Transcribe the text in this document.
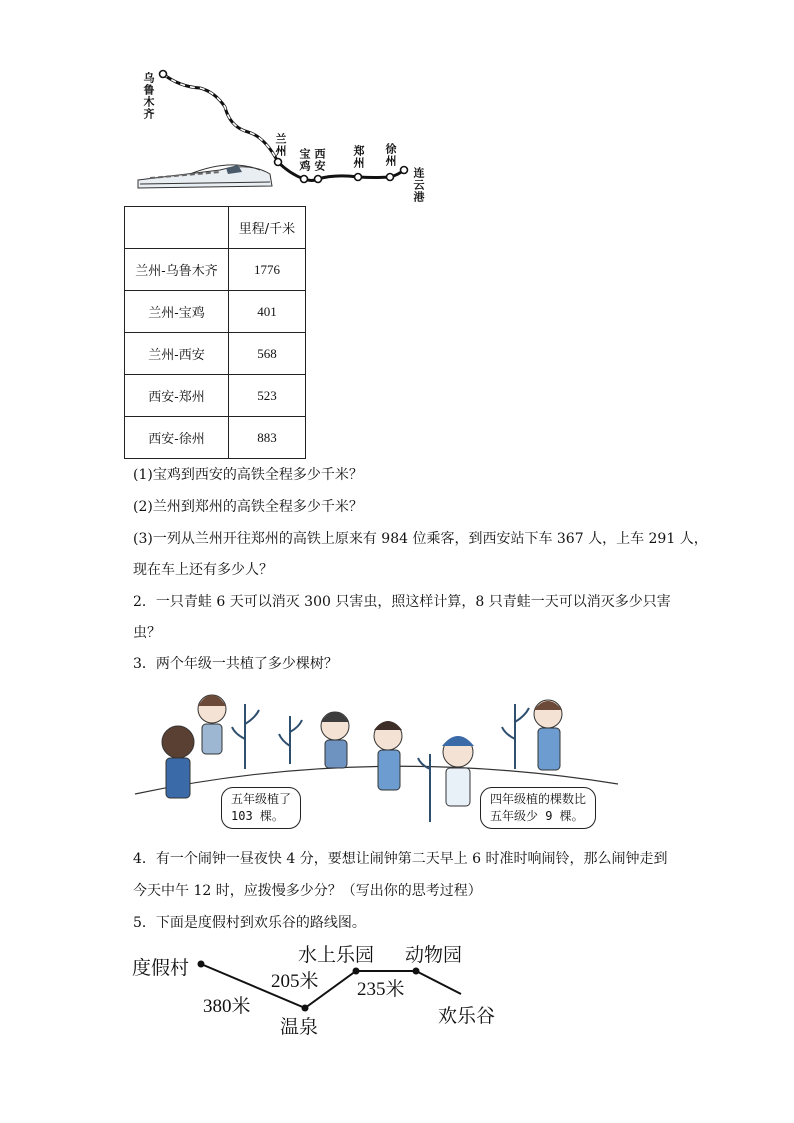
乌鲁木齐
兰州
宝鸡 西安 郑州 徐州
连云港
	里程/千米
兰州-乌鲁木齐	1776
兰州-宝鸡	401
兰州-西安	568
西安-郑州	523
西安-徐州	883
(1)宝鸡到西安的高铁全程多少千米？
(2)兰州到郑州的高铁全程多少千米？
(3)一列从兰州开往郑州的高铁上原来有 984 位乘客，到西安站下车 367 人，上车 291 人，
现在车上还有多少人？
2．一只青蛙 6 天可以消灭 300 只害虫，照这样计算，8 只青蛙一天可以消灭多少只害
虫？
3．两个年级一共植了多少棵树？
五年级植了
103 棵。
四年级植的棵数比
五年级少 9 棵。
4．有一个闹钟一昼夜快 4 分，要想让闹钟第二天早上 6 时准时响闹铃，那么闹钟走到
今天中午 12 时，应拨慢多少分？（写出你的思考过程）
5．下面是度假村到欢乐谷的路线图。
度假村
温泉
水上乐园 动物园
欢乐谷
380米
205米 235米
